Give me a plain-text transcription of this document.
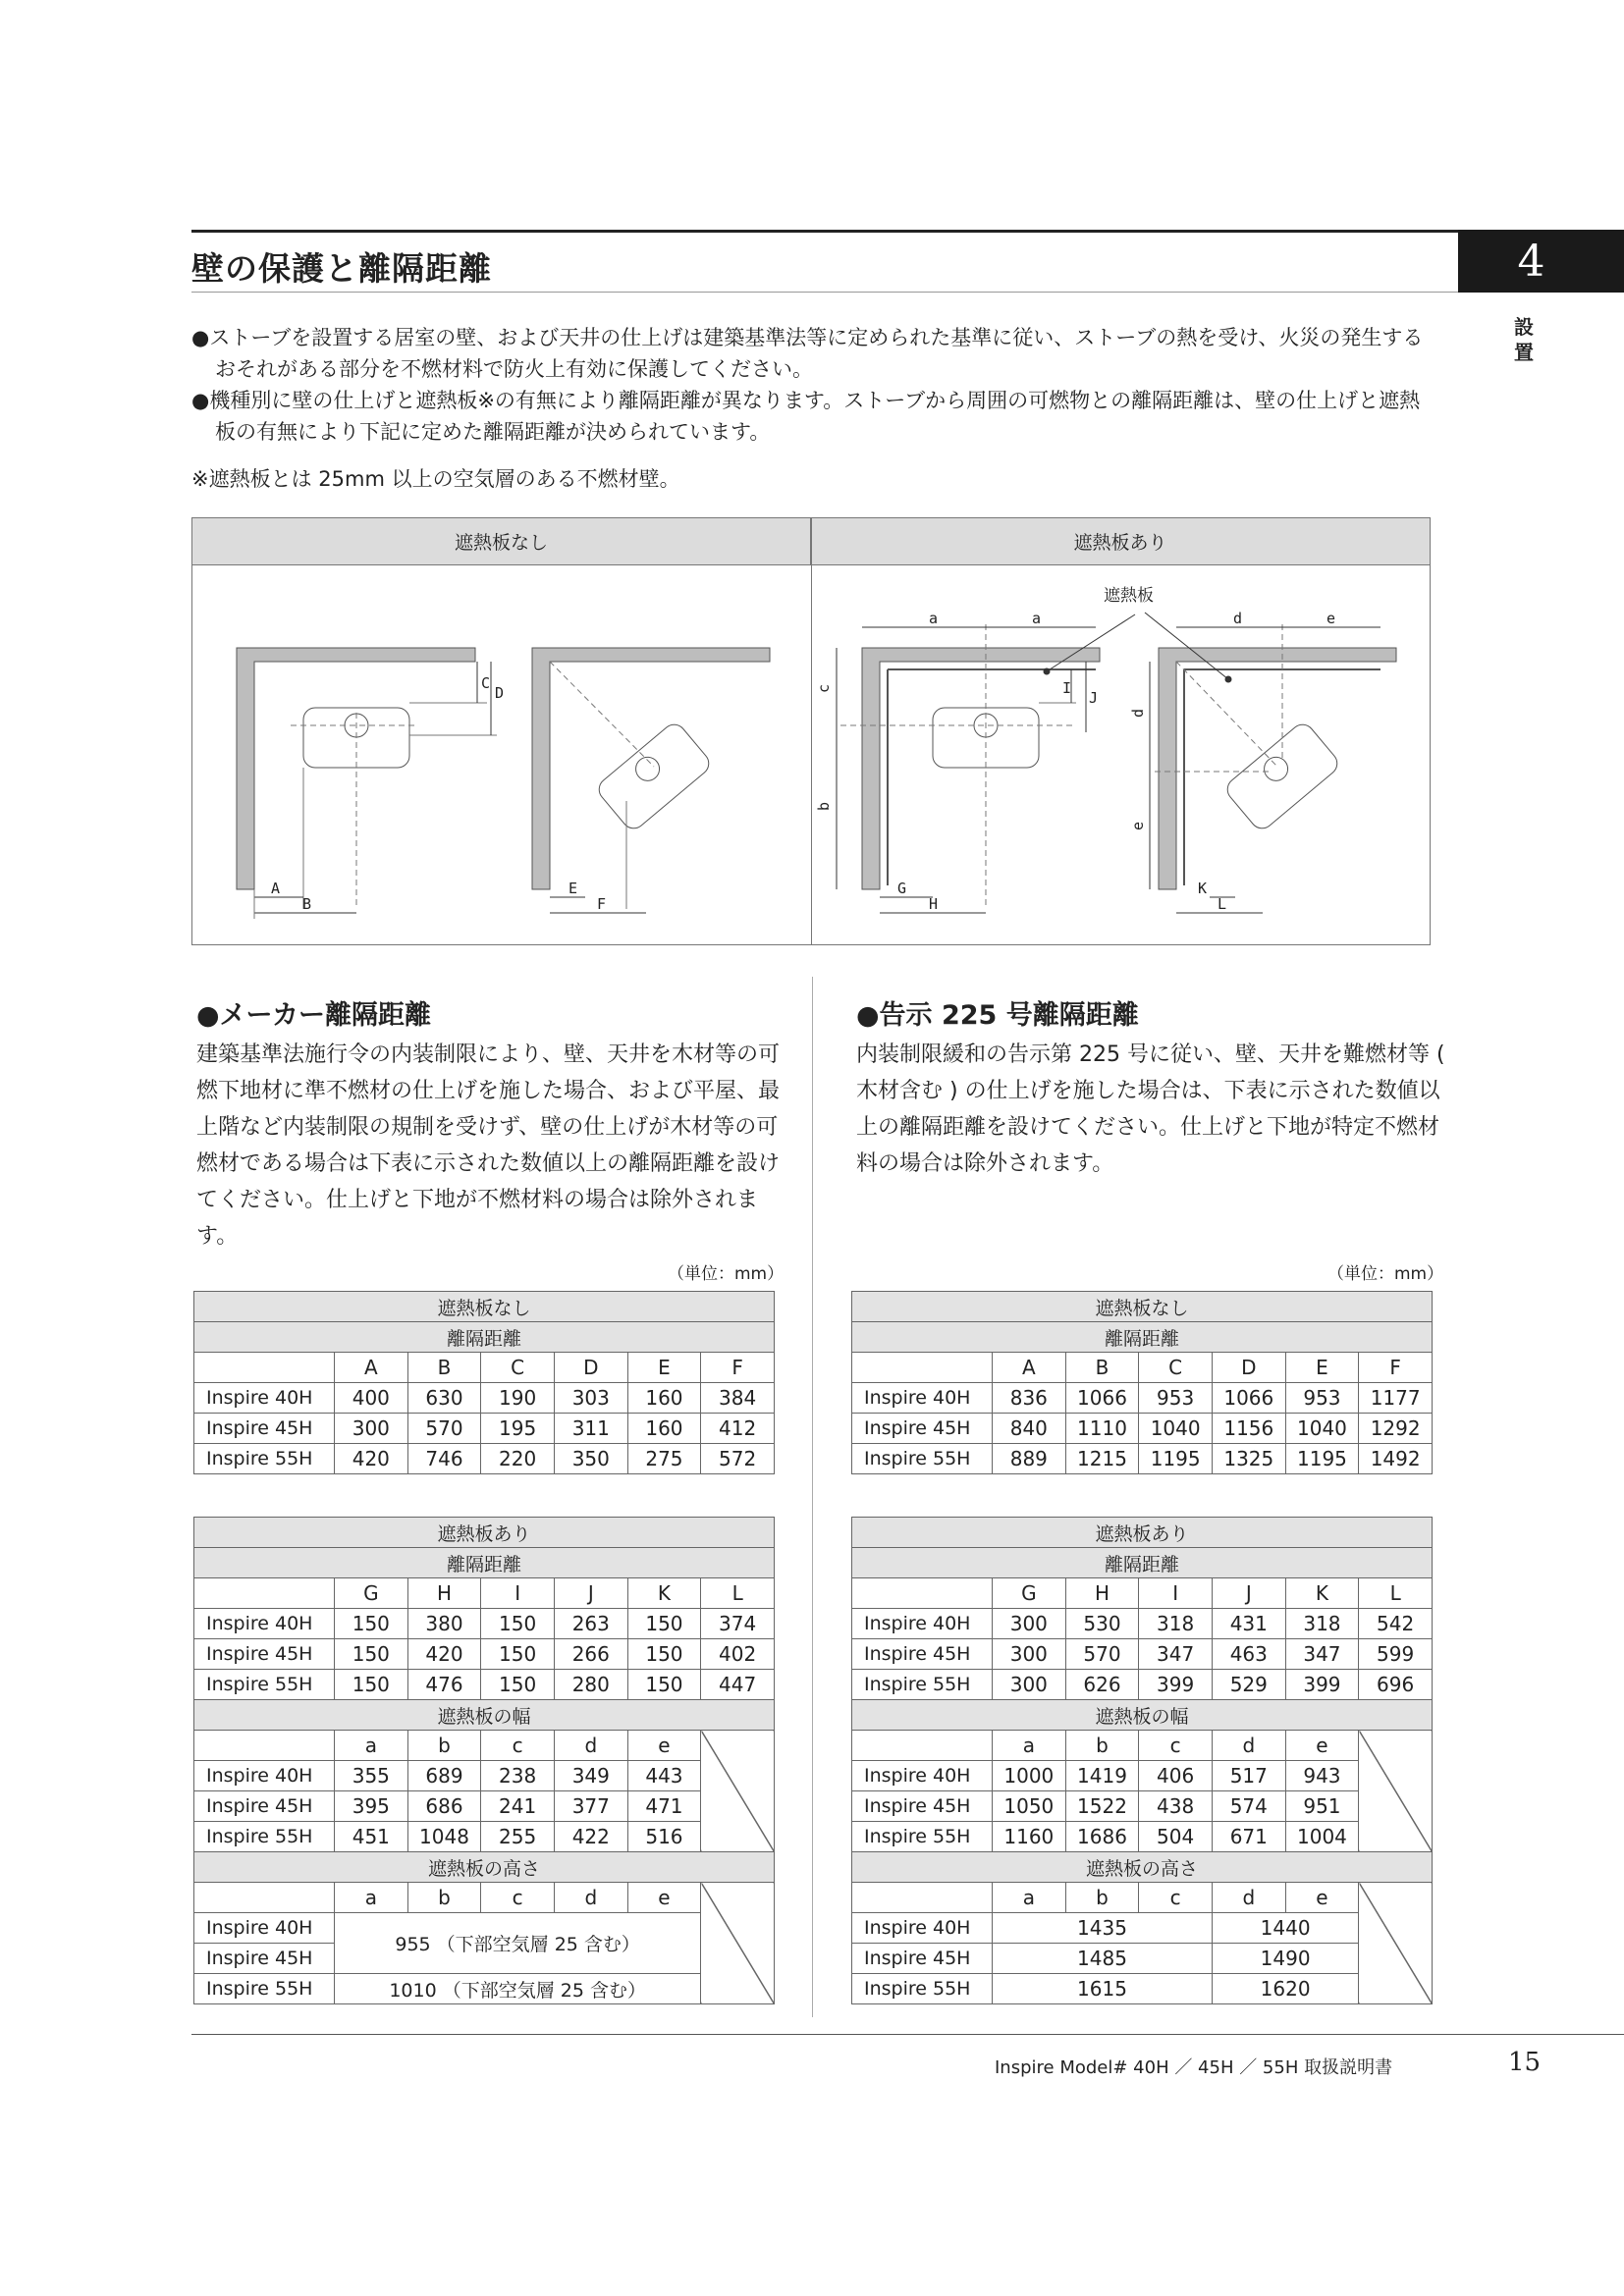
壁の保護と離隔距離	4
設
置
●ストーブを設置する居室の壁、および天井の仕上げは建築基準法等に定められた基準に従い、ストーブの熱を受け、火災の発生するおそれがある部分を不燃材料で防火上有効に保護してください。
●機種別に壁の仕上げと遮熱板※の有無により離隔距離が異なります。ストーブから周囲の可燃物との離隔距離は、壁の仕上げと遮熱板の有無により下記に定めた離隔距離が決められています。
※遮熱板とは 25mm 以上の空気層のある不燃材壁。
遮熱板なし	遮熱板あり
A
B
C
D
E
F
a	a
c
b
I
J
G
H
遮熱板
d	e
d
e
K
L
●メーカー離隔距離

建築基準法施行令の内装制限により、壁、天井を木材等の可燃下地材に準不燃材の仕上げを施した場合、および平屋、最上階など内装制限の規制を受けず、壁の仕上げが木材等の可燃材である場合は下表に示された数値以上の離隔距離を設けてください。仕上げと下地が不燃材料の場合は除外されます。

（単位：mm）
●告示 225 号離隔距離

内装制限緩和の告示第 225 号に従い、壁、天井を難燃材等 ( 木材含む ) の仕上げを施した場合は、下表に示された数値以上の離隔距離を設けてください。仕上げと下地が特定不燃材料の場合は除外されます。

（単位：mm）
遮熱板なし						
離隔距離						
	A	B	C	D	E	F
Inspire 40H	400	630	190	303	160	384
Inspire 45H	300	570	195	311	160	412
Inspire 55H	420	746	220	350	275	572
遮熱板なし						
離隔距離						
	A	B	C	D	E	F
Inspire 40H	836	1066	953	1066	953	1177
Inspire 45H	840	1110	1040	1156	1040	1292
Inspire 55H	889	1215	1195	1325	1195	1492
遮熱板あり						
離隔距離						
	G	H	I	J	K	L
Inspire 40H	150	380	150	263	150	374
Inspire 45H	150	420	150	266	150	402
Inspire 55H	150	476	150	280	150	447
遮熱板の幅						
	a	b	c	d	e	
Inspire 40H	355	689	238	349	443	
Inspire 45H	395	686	241	377	471	
Inspire 55H	451	1048	255	422	516	
遮熱板の高さ						
	a	b	c	d	e	
Inspire 40H	955 （下部空気層 25 含む）					
Inspire 45H						
Inspire 55H	1010 （下部空気層 25 含む）					
遮熱板あり						
離隔距離						
	G	H	I	J	K	L
Inspire 40H	300	530	318	431	318	542
Inspire 45H	300	570	347	463	347	599
Inspire 55H	300	626	399	529	399	696
遮熱板の幅						
	a	b	c	d	e	
Inspire 40H	1000	1419	406	517	943	
Inspire 45H	1050	1522	438	574	951	
Inspire 55H	1160	1686	504	671	1004	
遮熱板の高さ						
	a	b	c	d	e	
Inspire 40H	1435			1440		
Inspire 45H	1485			1490		
Inspire 55H	1615			1620		
Inspire Model# 40H ／ 45H ／ 55H 取扱説明書	15
